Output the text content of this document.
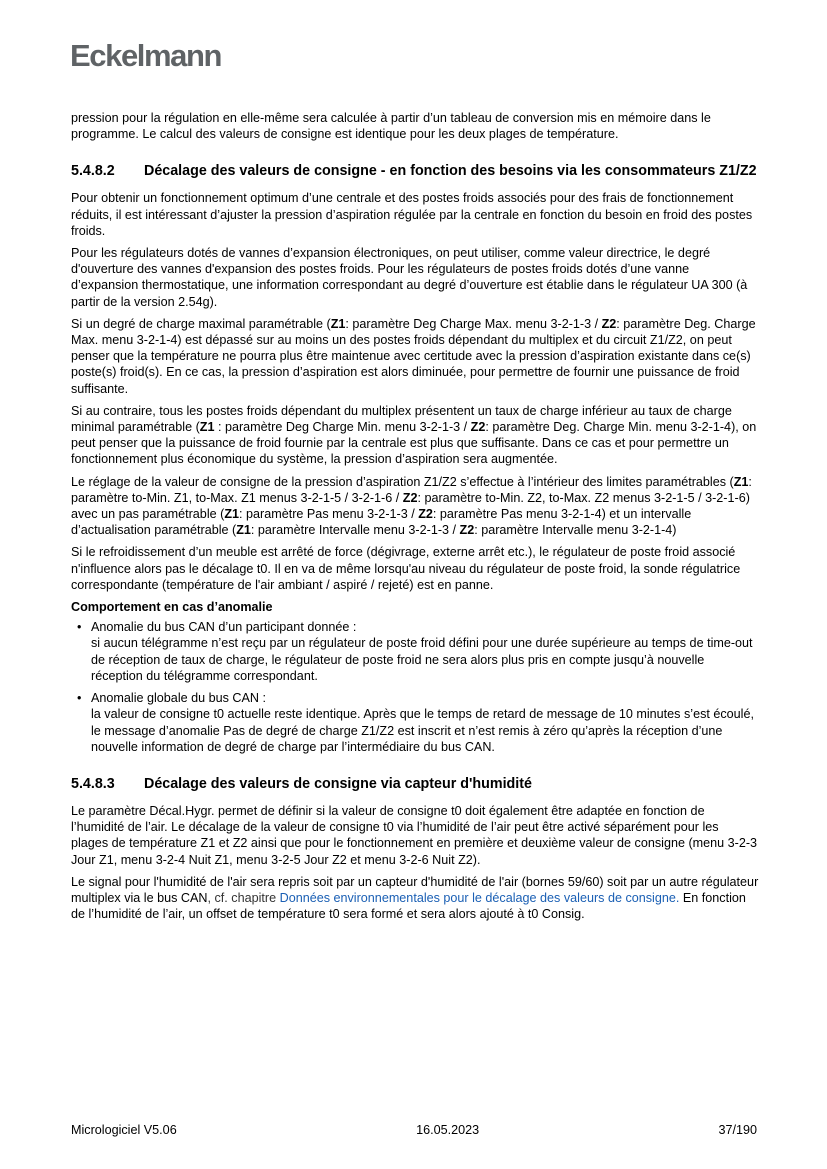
Eckelmann

pression pour la régulation en elle-même sera calculée à partir d’un tableau de conversion mis en mémoire dans le programme. Le calcul des valeurs de consigne est identique pour les deux plages de température.

5.4.8.2	Décalage des valeurs de consigne - en fonction des besoins via les consommateurs Z1/Z2

Pour obtenir un fonctionnement optimum d’une centrale et des postes froids associés pour des frais de fonctionnement réduits, il est intéressant d’ajuster la pression d’aspiration régulée par la centrale en fonction du besoin en froid des postes froids.

Pour les régulateurs dotés de vannes d’expansion électroniques, on peut utiliser, comme valeur directrice, le degré d'ouverture des vannes d'expansion des postes froids. Pour les régulateurs de postes froids dotés d’une vanne d’expansion thermostatique, une information correspondant au degré d’ouverture est établie dans le régulateur UA 300 (à partir de la version 2.54g).

Si un degré de charge maximal paramétrable (Z1: paramètre Deg Charge Max. menu 3-2-1-3 / Z2: paramètre Deg. Charge Max. menu 3-2-1-4) est dépassé sur au moins un des postes froids dépendant du multiplex et du circuit Z1/Z2, on peut penser que la température ne pourra plus être maintenue avec certitude avec la pression d’aspiration existante dans ce(s) poste(s) froid(s). En ce cas, la pression d’aspiration est alors diminuée, pour permettre de fournir une puissance de froid suffisante.

Si au contraire, tous les postes froids dépendant du multiplex présentent un taux de charge inférieur au taux de charge minimal paramétrable (Z1 : paramètre Deg Charge Min. menu 3-2-1-3 / Z2: paramètre Deg. Charge Min. menu 3-2-1-4), on peut penser que la puissance de froid fournie par la centrale est plus que suffisante. Dans ce cas et pour permettre un fonctionnement plus économique du système, la pression d’aspiration sera augmentée.

Le réglage de la valeur de consigne de la pression d’aspiration Z1/Z2 s’effectue à l’intérieur des limites paramétrables (Z1: paramètre to-Min. Z1, to-Max. Z1 menus 3-2-1-5 / 3-2-1-6 / Z2: paramètre to-Min. Z2, to-Max. Z2 menus 3-2-1-5 / 3-2-1-6) avec un pas paramétrable (Z1: paramètre Pas menu 3-2-1-3 / Z2: paramètre Pas menu 3-2-1-4) et un intervalle d’actualisation paramétrable (Z1: paramètre Intervalle menu 3-2-1-3 / Z2: paramètre Intervalle menu 3-2-1-4)

Si le refroidissement d’un meuble est arrêté de force (dégivrage, externe arrêt etc.), le régulateur de poste froid associé n'influence alors pas le décalage t0. Il en va de même lorsqu'au niveau du régulateur de poste froid, la sonde régulatrice correspondante (température de l'air ambiant / aspiré / rejeté) est en panne.

Comportement en cas d’anomalie
• Anomalie du bus CAN d’un participant donnée :
si aucun télégramme n’est reçu par un régulateur de poste froid défini pour une durée supérieure au temps de time-out de réception de taux de charge, le régulateur de poste froid ne sera alors plus pris en compte jusqu’à nouvelle réception du télégramme correspondant.
• Anomalie globale du bus CAN :
la valeur de consigne t0 actuelle reste identique. Après que le temps de retard de message de 10 minutes s’est écoulé, le message d’anomalie Pas de degré de charge Z1/Z2 est inscrit et n’est remis à zéro qu’après la réception d’une nouvelle information de degré de charge par l’intermédiaire du bus CAN.
5.4.8.3	Décalage des valeurs de consigne via capteur d'humidité

Le paramètre Décal.Hygr. permet de définir si la valeur de consigne t0 doit également être adaptée en fonction de l’humidité de l’air. Le décalage de la valeur de consigne t0 via l’humidité de l’air peut être activé séparément pour les plages de température Z1 et Z2 ainsi que pour le fonctionnement en première et deuxième valeur de consigne (menu 3-2-3 Jour Z1, menu 3-2-4 Nuit Z1, menu 3-2-5 Jour Z2 et menu 3-2-6 Nuit Z2).

Le signal pour l'humidité de l'air sera repris soit par un capteur d'humidité de l'air (bornes 59/60) soit par un autre régulateur multiplex via le bus CAN, cf. chapitre Données environnementales pour le décalage des valeurs de consigne. En fonction de l’humidité de l’air, un offset de température t0 sera formé et sera alors ajouté à t0 Consig.

Micrologiciel V5.06	16.05.2023	37/190
